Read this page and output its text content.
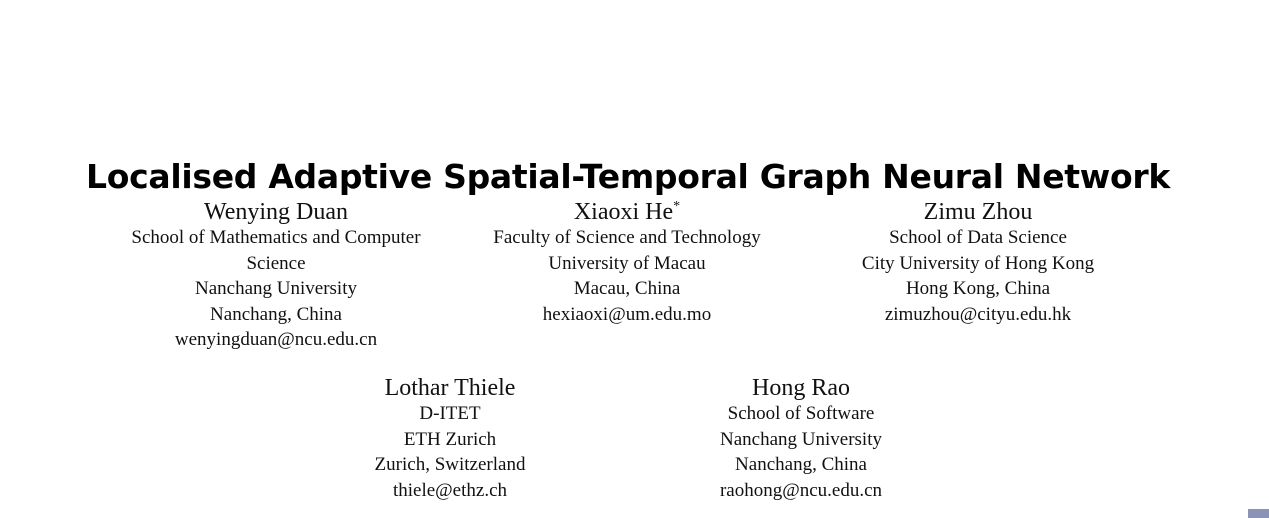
Localised Adaptive Spatial-Temporal Graph Neural Network
Wenying Duan
School of Mathematics and Computer Science
Nanchang University
Nanchang, China
wenyingduan@ncu.edu.cn
Xiaoxi He*
Faculty of Science and Technology
University of Macau
Macau, China
hexiaoxi@um.edu.mo
Zimu Zhou
School of Data Science
City University of Hong Kong
Hong Kong, China
zimuzhou@cityu.edu.hk
Lothar Thiele
D-ITET
ETH Zurich
Zurich, Switzerland
thiele@ethz.ch
Hong Rao
School of Software
Nanchang University
Nanchang, China
raohong@ncu.edu.cn
